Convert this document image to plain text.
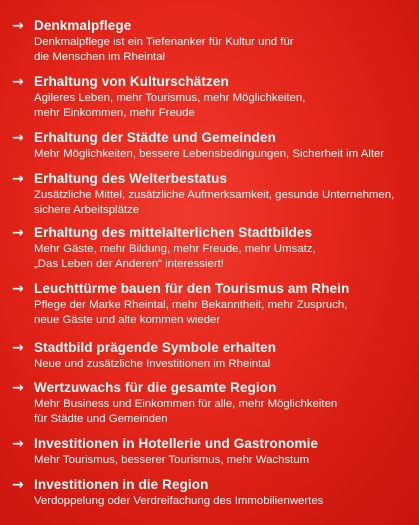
→ Denkmalpflege
Denkmalpflege ist ein Tiefenanker für Kultur und für
die Menschen im Rheintal
→ Erhaltung von Kulturschätzen
Agileres Leben, mehr Tourismus, mehr Möglichkeiten,
mehr Einkommen, mehr Freude
→ Erhaltung der Städte und Gemeinden
Mehr Möglichkeiten, bessere Lebensbedingungen, Sicherheit im Alter
→ Erhaltung des Welterbestatus
Zusätzliche Mittel, zusätzliche Aufmerksamkeit, gesunde Unternehmen,
sichere Arbeitsplätze
→ Erhaltung des mittelalterlichen Stadtbildes
Mehr Gäste, mehr Bildung, mehr Freude, mehr Umsatz,
„Das Leben der Anderen“ interessiert!
→ Leuchttürme bauen für den Tourismus am Rhein
Pflege der Marke Rheintal, mehr Bekanntheit, mehr Zuspruch,
neue Gäste und alte kommen wieder
→ Stadtbild prägende Symbole erhalten
Neue und zusätzliche Investitionen im Rheintal
→ Wertzuwachs für die gesamte Region
Mehr Business und Einkommen für alle, mehr Möglichkeiten
für Städte und Gemeinden
→ Investitionen in Hotellerie und Gastronomie
Mehr Tourismus, besserer Tourismus, mehr Wachstum
→ Investitionen in die Region
Verdoppelung oder Verdreifachung des Immobilienwertes
